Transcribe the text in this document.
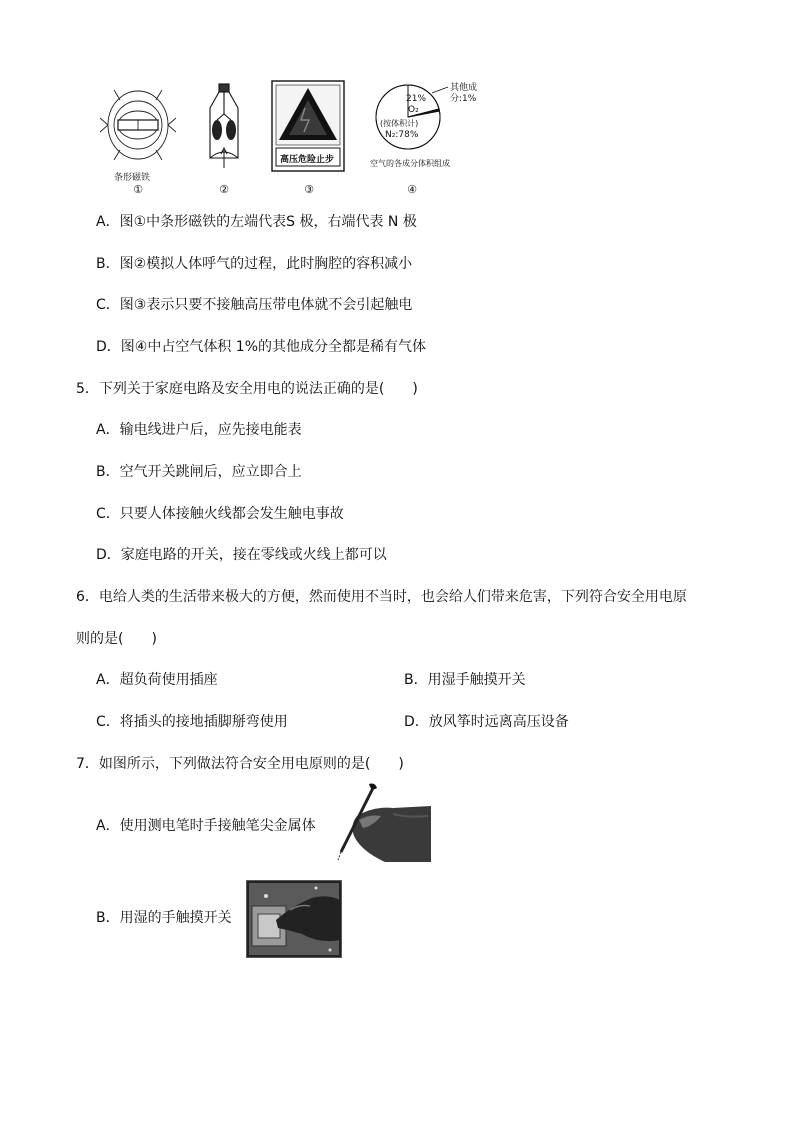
条形磁铁
①	②
高压危险止步
③
21%
O₂
其他成
分:1%
(按体积计)
N₂:78%
空气的各成分体积组成
④
A．图①中条形磁铁的左端代表S 极，右端代表 N 极
B．图②模拟人体呼气的过程，此时胸腔的容积减小
C．图③表示只要不接触高压带电体就不会引起触电
D．图④中占空气体积 1%的其他成分全都是稀有气体
5．下列关于家庭电路及安全用电的说法正确的是(　　)
A．输电线进户后，应先接电能表
B．空气开关跳闸后，应立即合上
C．只要人体接触火线都会发生触电事故
D．家庭电路的开关，接在零线或火线上都可以
6．电给人类的生活带来极大的方便，然而使用不当时，也会给人们带来危害，下列符合安全用电原
则的是(　　)
A．超负荷使用插座	B．用湿手触摸开关
C．将插头的接地插脚掰弯使用	D．放风筝时远离高压设备
7．如图所示，下列做法符合安全用电原则的是(　　)
A．使用测电笔时手接触笔尖金属体
B．用湿的手触摸开关
